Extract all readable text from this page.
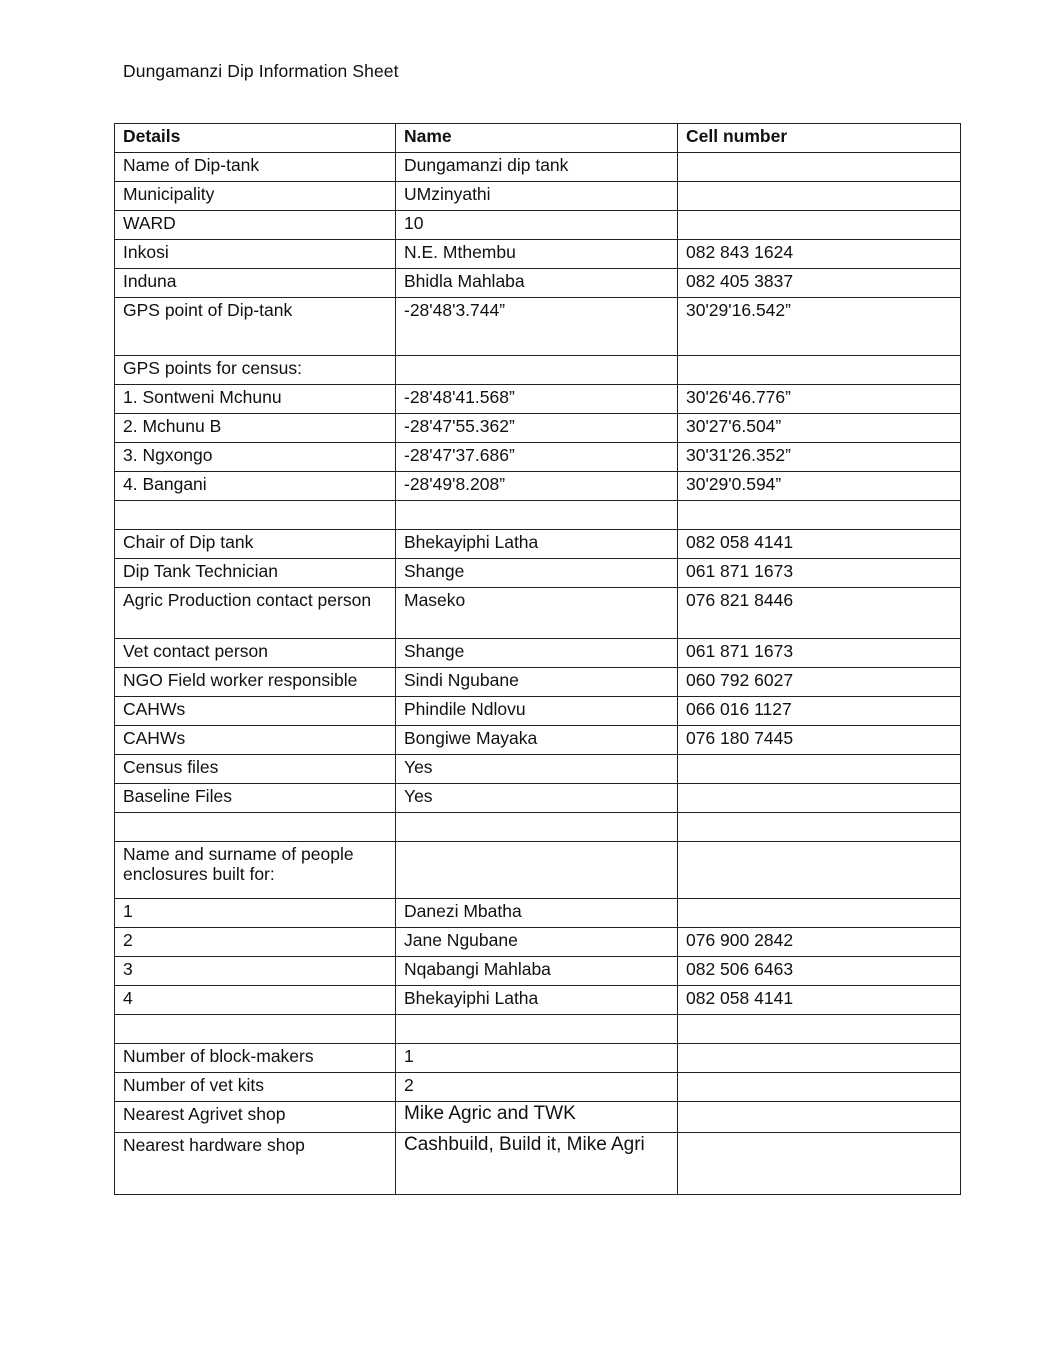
Dungamanzi Dip Information Sheet
Details	Name	Cell number
Name of Dip-tank	Dungamanzi dip tank	
Municipality	UMzinyathi	
WARD	10	
Inkosi	N.E. Mthembu	082 843 1624
Induna	Bhidla Mahlaba	082 405 3837
GPS point of Dip-tank	-28'48'3.744”	30'29'16.542”
GPS points for census:		
1. Sontweni Mchunu	-28'48'41.568”	30'26'46.776”
2. Mchunu B	-28'47'55.362”	30'27'6.504”
3. Ngxongo	-28'47'37.686”	30'31'26.352”
4. Bangani	-28'49'8.208”	30'29'0.594”

Chair of Dip tank	Bhekayiphi Latha	082 058 4141
Dip Tank Technician	Shange	061 871 1673
Agric Production contact person	Maseko	076 821 8446
Vet contact person	Shange	061 871 1673
NGO Field worker responsible	Sindi Ngubane	060 792 6027
CAHWs	Phindile Ndlovu	066 016 1127
CAHWs	Bongiwe Mayaka	076 180 7445
Census files	Yes	
Baseline Files	Yes	

Name and surname of people enclosures built for:		
1	Danezi Mbatha	
2	Jane Ngubane	076 900 2842
3	Nqabangi Mahlaba	082 506 6463
4	Bhekayiphi Latha	082 058 4141

Number of block-makers	1	
Number of vet kits	2	
Nearest Agrivet shop	Mike Agric and TWK	
Nearest hardware shop	Cashbuild, Build it, Mike Agri	
